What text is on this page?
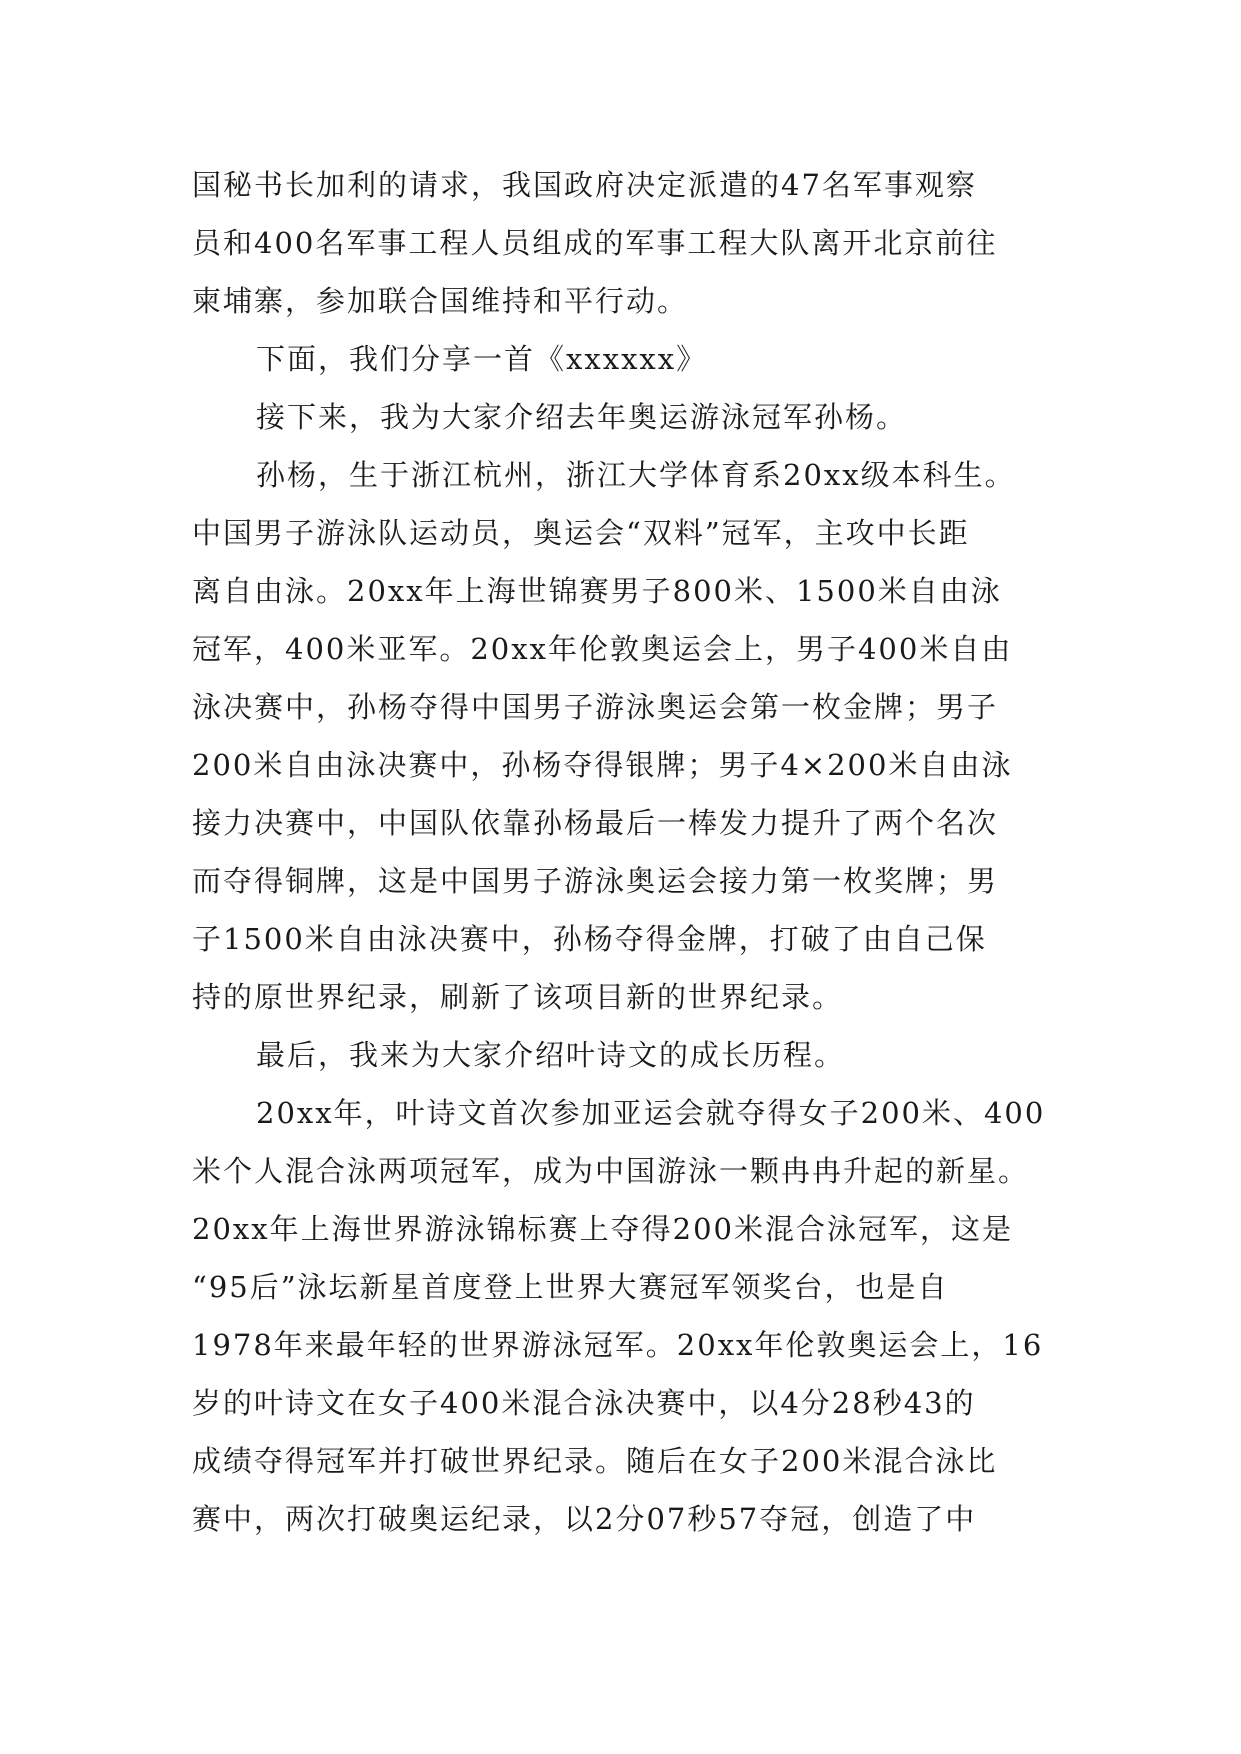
国秘书长加利的请求，我国政府决定派遣的47名军事观察
员和400名军事工程人员组成的军事工程大队离开北京前往
柬埔寨，参加联合国维持和平行动。
下面，我们分享一首《xxxxxx》
接下来，我为大家介绍去年奥运游泳冠军孙杨。
孙杨，生于浙江杭州，浙江大学体育系20xx级本科生。
中国男子游泳队运动员，奥运会“双料”冠军，主攻中长距
离自由泳。20xx年上海世锦赛男子800米、1500米自由泳
冠军，400米亚军。20xx年伦敦奥运会上，男子400米自由
泳决赛中，孙杨夺得中国男子游泳奥运会第一枚金牌；男子
200米自由泳决赛中，孙杨夺得银牌；男子4×200米自由泳
接力决赛中，中国队依靠孙杨最后一棒发力提升了两个名次
而夺得铜牌，这是中国男子游泳奥运会接力第一枚奖牌；男
子1500米自由泳决赛中，孙杨夺得金牌，打破了由自己保
持的原世界纪录，刷新了该项目新的世界纪录。
最后，我来为大家介绍叶诗文的成长历程。
20xx年，叶诗文首次参加亚运会就夺得女子200米、400
米个人混合泳两项冠军，成为中国游泳一颗冉冉升起的新星。
20xx年上海世界游泳锦标赛上夺得200米混合泳冠军，这是
“95后”泳坛新星首度登上世界大赛冠军领奖台，也是自
1978年来最年轻的世界游泳冠军。20xx年伦敦奥运会上，16
岁的叶诗文在女子400米混合泳决赛中，以4分28秒43的
成绩夺得冠军并打破世界纪录。随后在女子200米混合泳比
赛中，两次打破奥运纪录，以2分07秒57夺冠，创造了中
